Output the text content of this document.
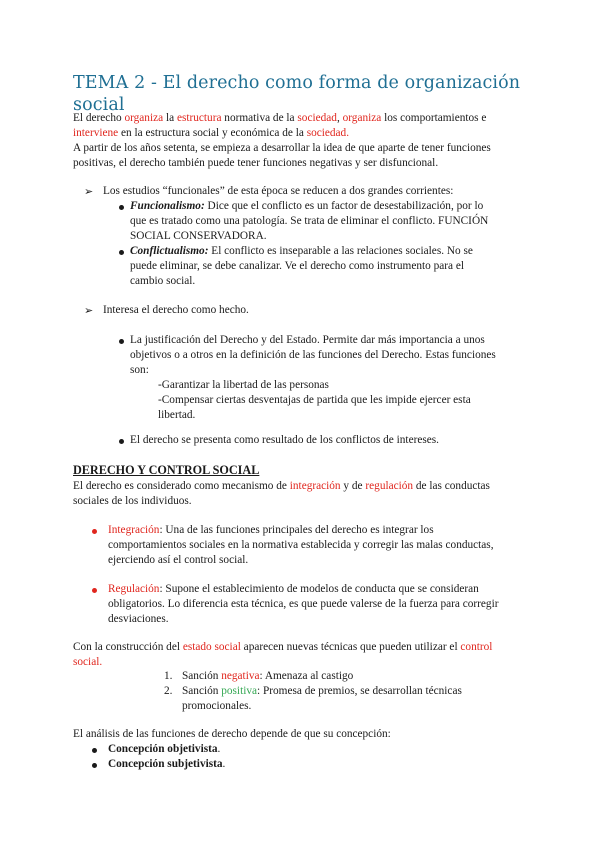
TEMA 2 - El derecho como forma de organización social
El derecho organiza la estructura normativa de la sociedad, organiza los comportamientos e
interviene en la estructura social y económica de la sociedad.
A partir de los años setenta, se empieza a desarrollar la idea de que aparte de tener funciones
positivas, el derecho también puede tener funciones negativas y ser disfuncional.
➢ Los estudios “funcionales” de esta época se reducen a dos grandes corrientes:
Funcionalismo: Dice que el conflicto es un factor de desestabilización, por lo
que es tratado como una patología. Se trata de eliminar el conflicto. FUNCIÓN
SOCIAL CONSERVADORA.
Conflictualismo: El conflicto es inseparable a las relaciones sociales. No se
puede eliminar, se debe canalizar. Ve el derecho como instrumento para el
cambio social.
➢ Interesa el derecho como hecho.
La justificación del Derecho y del Estado. Permite dar más importancia a unos
objetivos o a otros en la definición de las funciones del Derecho. Estas funciones
son:
-Garantizar la libertad de las personas
-Compensar ciertas desventajas de partida que les impide ejercer esta
libertad.
El derecho se presenta como resultado de los conflictos de intereses.
DERECHO Y CONTROL SOCIAL
El derecho es considerado como mecanismo de integración y de regulación de las conductas
sociales de los individuos.
Integración: Una de las funciones principales del derecho es integrar los
comportamientos sociales en la normativa establecida y corregir las malas conductas,
ejerciendo así el control social.
Regulación: Supone el establecimiento de modelos de conducta que se consideran
obligatorios. Lo diferencia esta técnica, es que puede valerse de la fuerza para corregir
desviaciones.
Con la construcción del estado social aparecen nuevas técnicas que pueden utilizar el control
social.
1. Sanción negativa: Amenaza al castigo
2. Sanción positiva: Promesa de premios, se desarrollan técnicas
promocionales.
El análisis de las funciones de derecho depende de que su concepción:
Concepción objetivista.
Concepción subjetivista.
